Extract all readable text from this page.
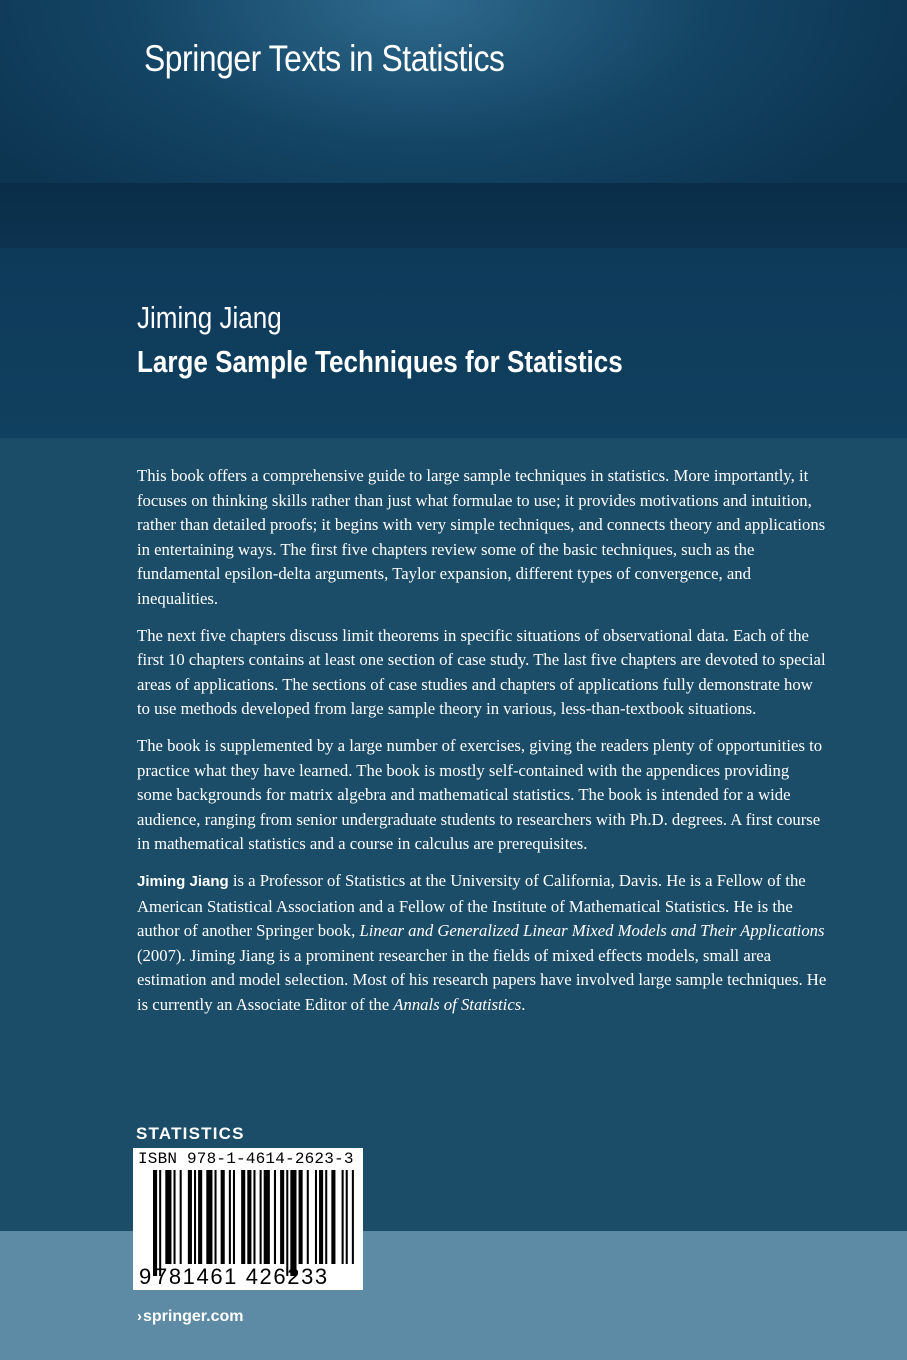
Springer Texts in Statistics
Jiming Jiang
Large Sample Techniques for Statistics

This book offers a comprehensive guide to large sample techniques in statistics. More importantly, it focuses on thinking skills rather than just what formulae to use; it provides motivations and intuition, rather than detailed proofs; it begins with very simple techniques, and connects theory and applications in entertaining ways. The first five chapters review some of the basic techniques, such as the fundamental epsilon-delta arguments, Taylor expansion, different types of convergence, and inequalities.

The next five chapters discuss limit theorems in specific situations of observational data. Each of the first 10 chapters contains at least one section of case study. The last five chapters are devoted to special areas of applications. The sections of case studies and chapters of applications fully demonstrate how to use methods developed from large sample theory in various, less-than-textbook situations.

The book is supplemented by a large number of exercises, giving the readers plenty of opportunities to practice what they have learned. The book is mostly self-contained with the appendices providing some backgrounds for matrix algebra and mathematical statistics. The book is intended for a wide audience, ranging from senior undergraduate students to researchers with Ph.D. degrees. A first course in mathematical statistics and a course in calculus are prerequisites.

Jiming Jiang is a Professor of Statistics at the University of California, Davis. He is a Fellow of the American Statistical Association and a Fellow of the Institute of Mathematical Statistics. He is the author of another Springer book, Linear and Generalized Linear Mixed Models and Their Applications (2007). Jiming Jiang is a prominent researcher in the fields of mixed effects models, small area estimation and model selection. Most of his research papers have involved large sample techniques. He is currently an Associate Editor of the Annals of Statistics.

STATISTICS
ISBN 978-1-4614-2623-3
9 781461 426233
›springer.com
